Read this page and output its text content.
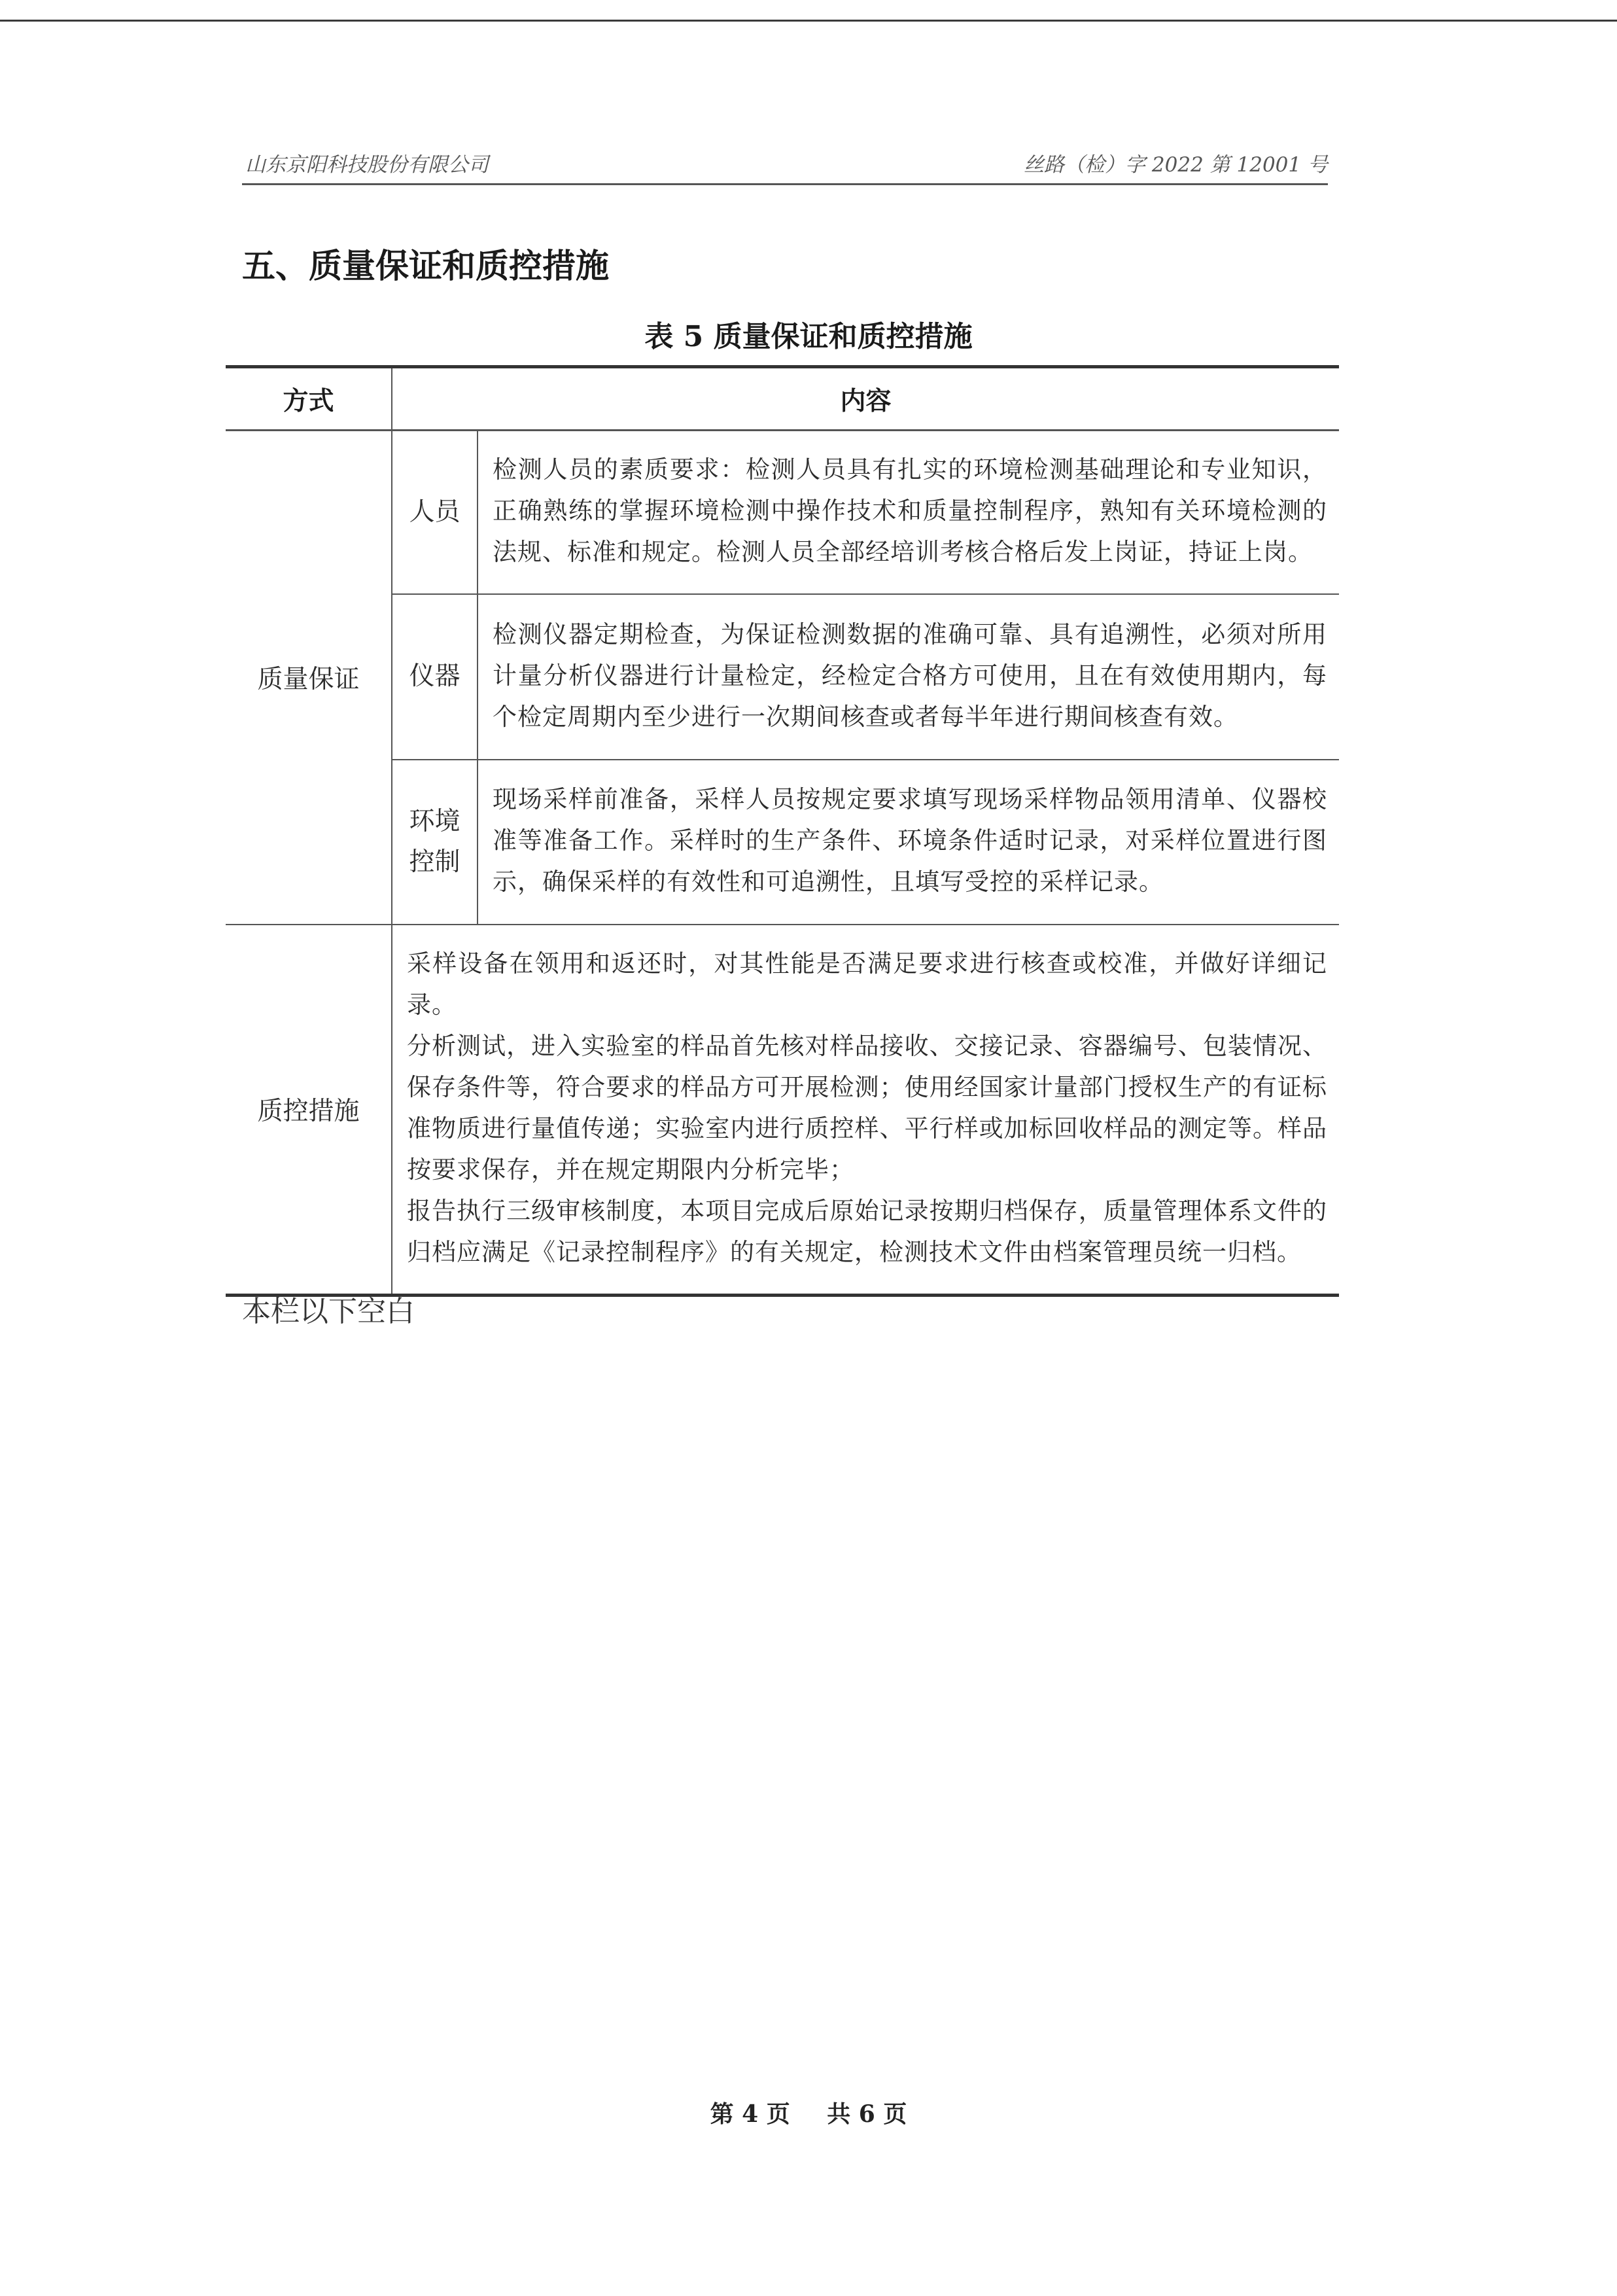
山东京阳科技股份有限公司	丝路（检）字 2022 第 12001 号
五、质量保证和质控措施
表 5 质量保证和质控措施
方式	内容	
质量保证	人员	检测人员的素质要求：检测人员具有扎实的环境检测基础理论和专业知识，正确熟练的掌握环境检测中操作技术和质量控制程序，熟知有关环境检测的法规、标准和规定。检测人员全部经培训考核合格后发上岗证，持证上岗。
	仪器	检测仪器定期检查，为保证检测数据的准确可靠、具有追溯性，必须对所用计量分析仪器进行计量检定，经检定合格方可使用，且在有效使用期内，每个检定周期内至少进行一次期间核查或者每半年进行期间核查有效。
	环境控制	现场采样前准备，采样人员按规定要求填写现场采样物品领用清单、仪器校准等准备工作。采样时的生产条件、环境条件适时记录，对采样位置进行图示，确保采样的有效性和可追溯性，且填写受控的采样记录。
质控措施	采样设备在领用和返还时，对其性能是否满足要求进行核查或校准，并做好详细记录。
分析测试，进入实验室的样品首先核对样品接收、交接记录、容器编号、包装情况、保存条件等，符合要求的样品方可开展检测；使用经国家计量部门授权生产的有证标准物质进行量值传递；实验室内进行质控样、平行样或加标回收样品的测定等。样品按要求保存，并在规定期限内分析完毕；
报告执行三级审核制度，本项目完成后原始记录按期归档保存，质量管理体系文件的归档应满足《记录控制程序》的有关规定，检测技术文件由档案管理员统一归档。	
本栏以下空白
第 4 页 共 6 页
